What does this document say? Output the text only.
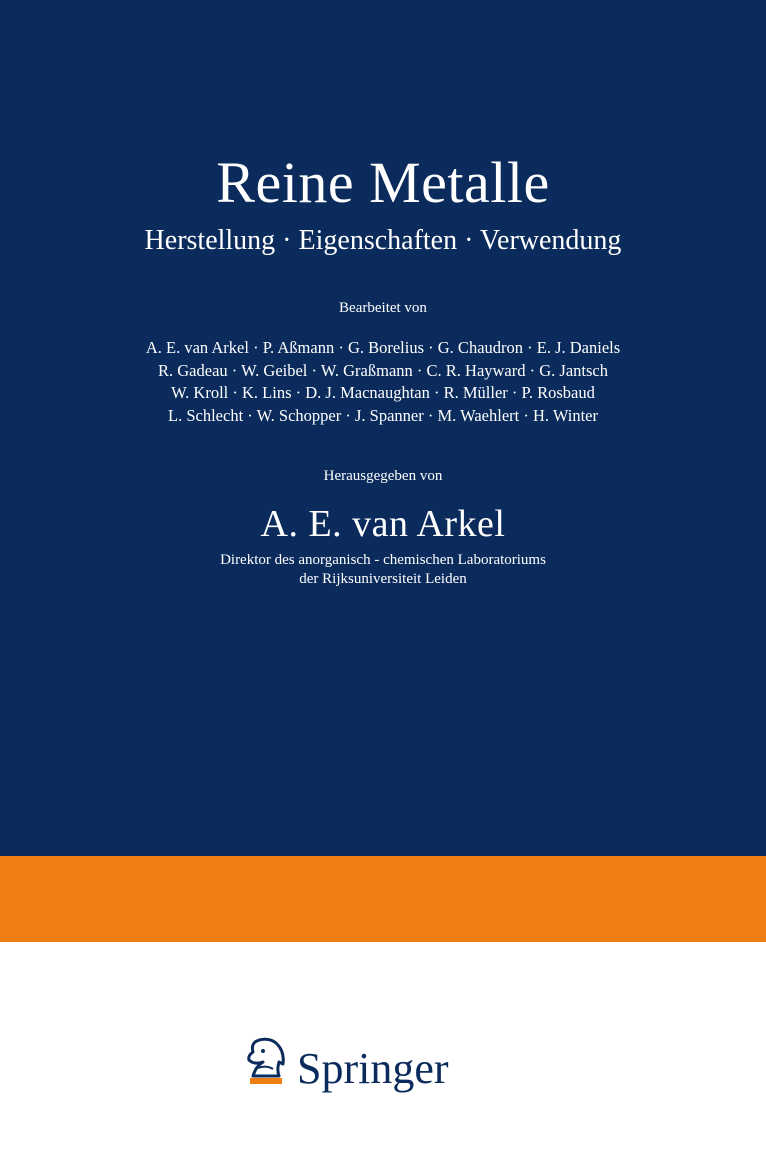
Reine Metalle
Herstellung · Eigenschaften · Verwendung
Bearbeitet von
A. E. van Arkel · P. Aßmann · G. Borelius · G. Chaudron · E. J. Daniels
R. Gadeau · W. Geibel · W. Graßmann · C. R. Hayward · G. Jantsch
W. Kroll · K. Lins · D. J. Macnaughtan · R. Müller · P. Rosbaud
L. Schlecht · W. Schopper · J. Spanner · M. Waehlert · H. Winter
Herausgegeben von
A. E. van Arkel
Direktor des anorganisch - chemischen Laboratoriums
der Rijksuniversiteit Leiden
Springer
